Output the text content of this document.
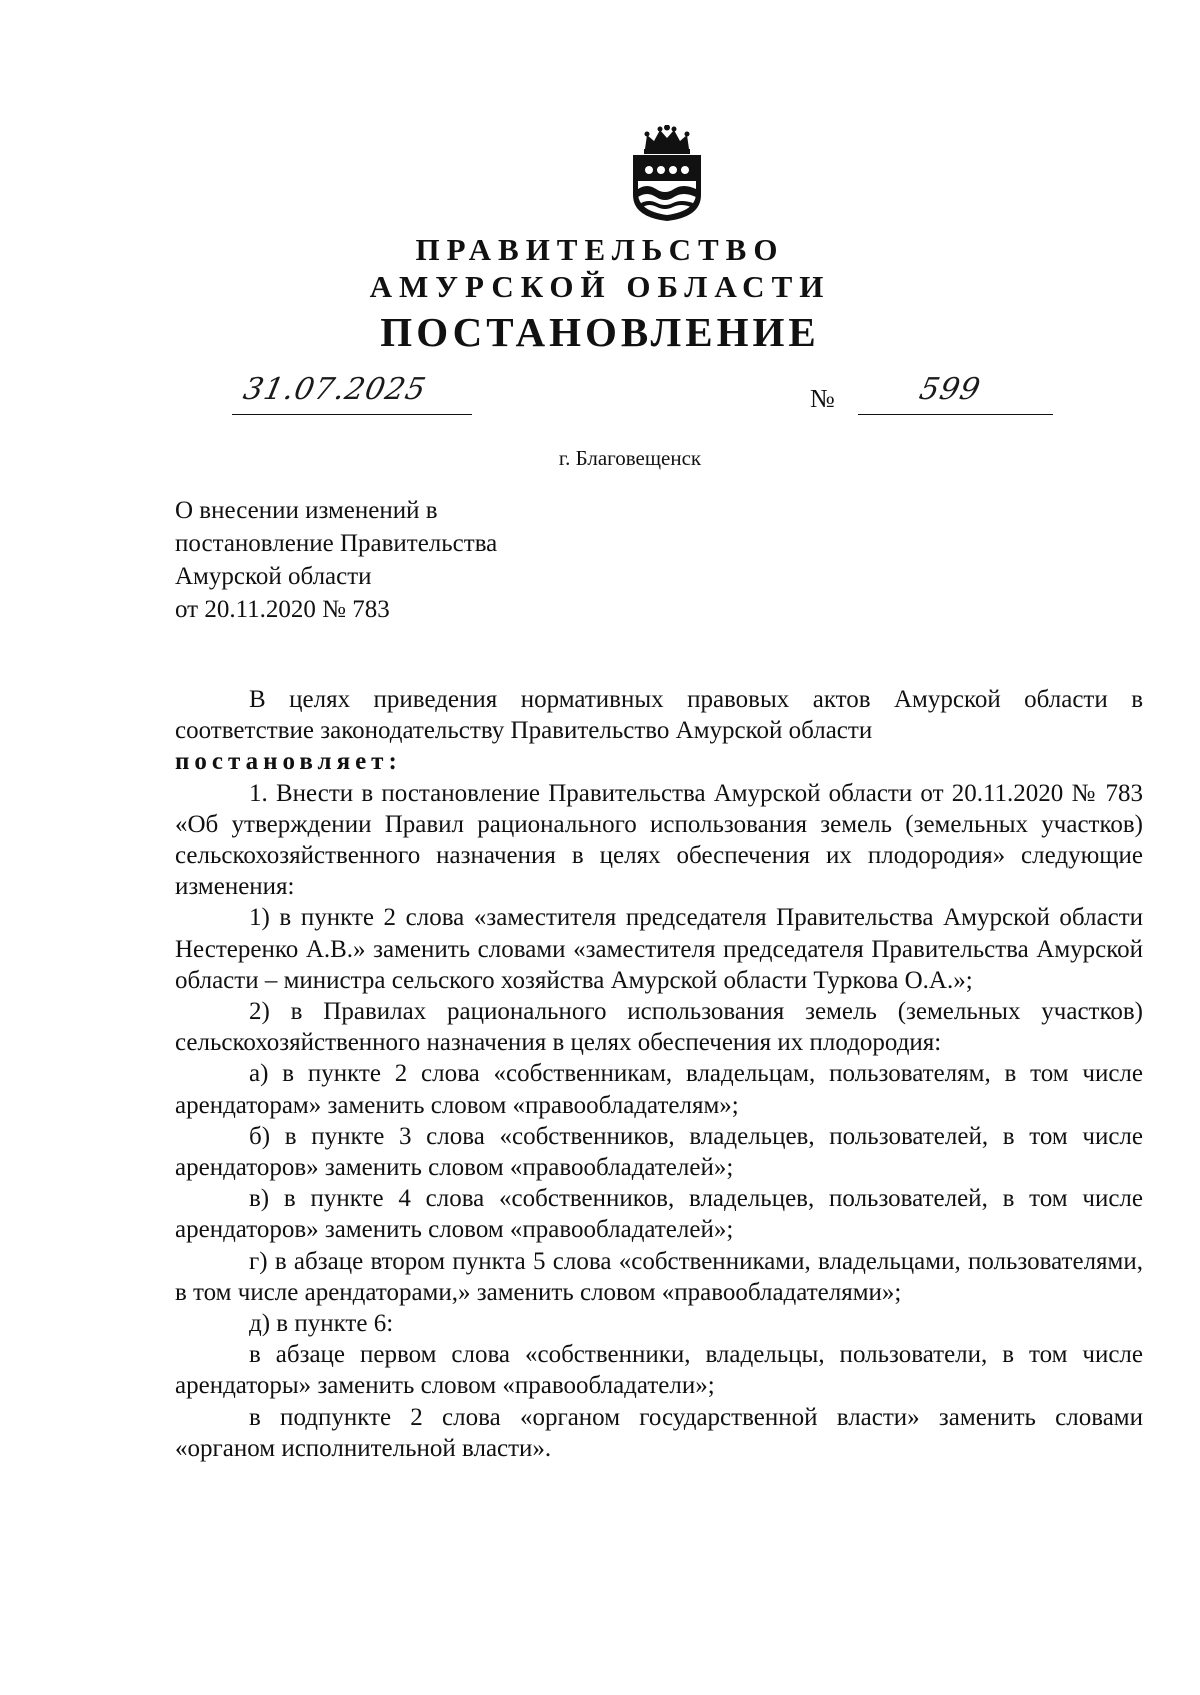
ПРАВИТЕЛЬСТВО
АМУРСКОЙ ОБЛАСТИ
ПОСТАНОВЛЕНИЕ
31.07.2025	№	599
г. Благовещенск
О внесении изменений в
постановление Правительства
Амурской области
от 20.11.2020 № 783

В целях приведения нормативных правовых актов Амурской области в соответствие законодательству Правительство Амурской области

постановляет:

1. Внести в постановление Правительства Амурской области от 20.11.2020 № 783 «Об утверждении Правил рационального использования земель (земельных участков) сельскохозяйственного назначения в целях обеспечения их плодородия» следующие изменения:

1) в пункте 2 слова «заместителя председателя Правительства Амурской области Нестеренко А.В.» заменить словами «заместителя председателя Правительства Амурской области – министра сельского хозяйства Амурской области Туркова О.А.»;

2) в Правилах рационального использования земель (земельных участков) сельскохозяйственного назначения в целях обеспечения их плодородия:

а) в пункте 2 слова «собственникам, владельцам, пользователям, в том числе арендаторам» заменить словом «правообладателям»;

б) в пункте 3 слова «собственников, владельцев, пользователей, в том числе арендаторов» заменить словом «правообладателей»;

в) в пункте 4 слова «собственников, владельцев, пользователей, в том числе арендаторов» заменить словом «правообладателей»;

г) в абзаце втором пункта 5 слова «собственниками, владельцами, пользователями, в том числе арендаторами,» заменить словом «правообладателями»;

д) в пункте 6:

в абзаце первом слова «собственники, владельцы, пользователи, в том числе арендаторы» заменить словом «правообладатели»;

в подпункте 2 слова «органом государственной власти» заменить словами «органом исполнительной власти».
